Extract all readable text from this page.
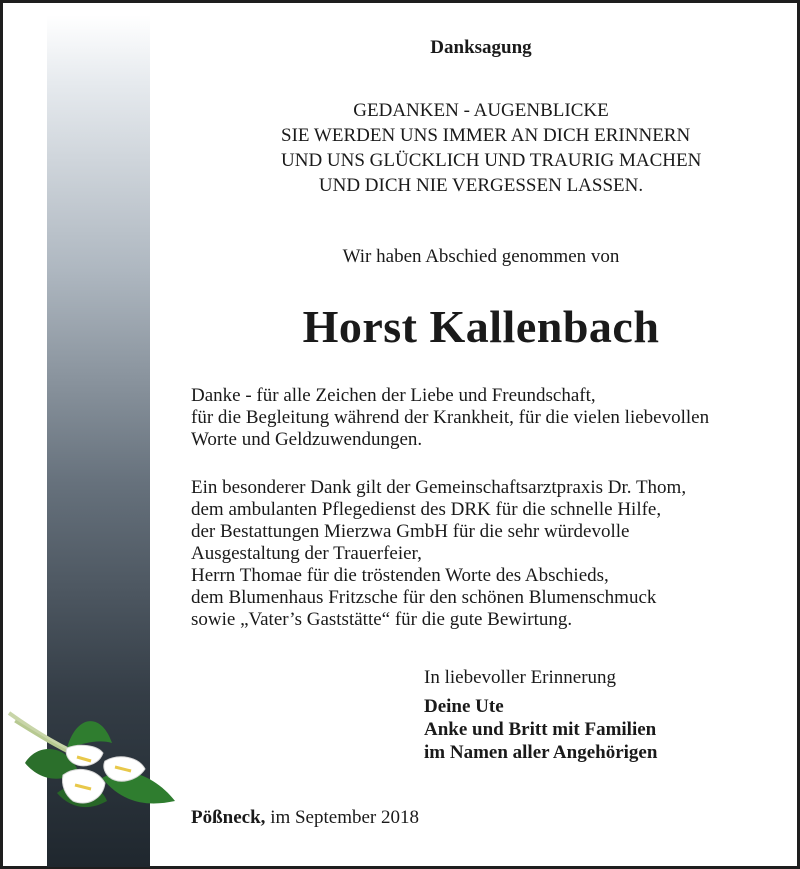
Danksagung
GEDANKEN - AUGENBLICKE
SIE WERDEN UNS IMMER AN DICH ERINNERN
UND UNS GLÜCKLICH UND TRAURIG MACHEN
UND DICH NIE VERGESSEN LASSEN.
Wir haben Abschied genommen von
Horst Kallenbach
Danke - für alle Zeichen der Liebe und Freundschaft,
für die Begleitung während der Krankheit, für die vielen liebevollen
Worte und Geldzuwendungen.
Ein besonderer Dank gilt der Gemeinschaftsarztpraxis Dr. Thom,
dem ambulanten Pflegedienst des DRK für die schnelle Hilfe,
der Bestattungen Mierzwa GmbH für die sehr würdevolle
Ausgestaltung der Trauerfeier,
Herrn Thomae für die tröstenden Worte des Abschieds,
dem Blumenhaus Fritzsche für den schönen Blumenschmuck
sowie „Vater’s Gaststätte“ für die gute Bewirtung.
In liebevoller Erinnerung
Deine Ute
Anke und Britt mit Familien
im Namen aller Angehörigen
Pößneck, im September 2018
